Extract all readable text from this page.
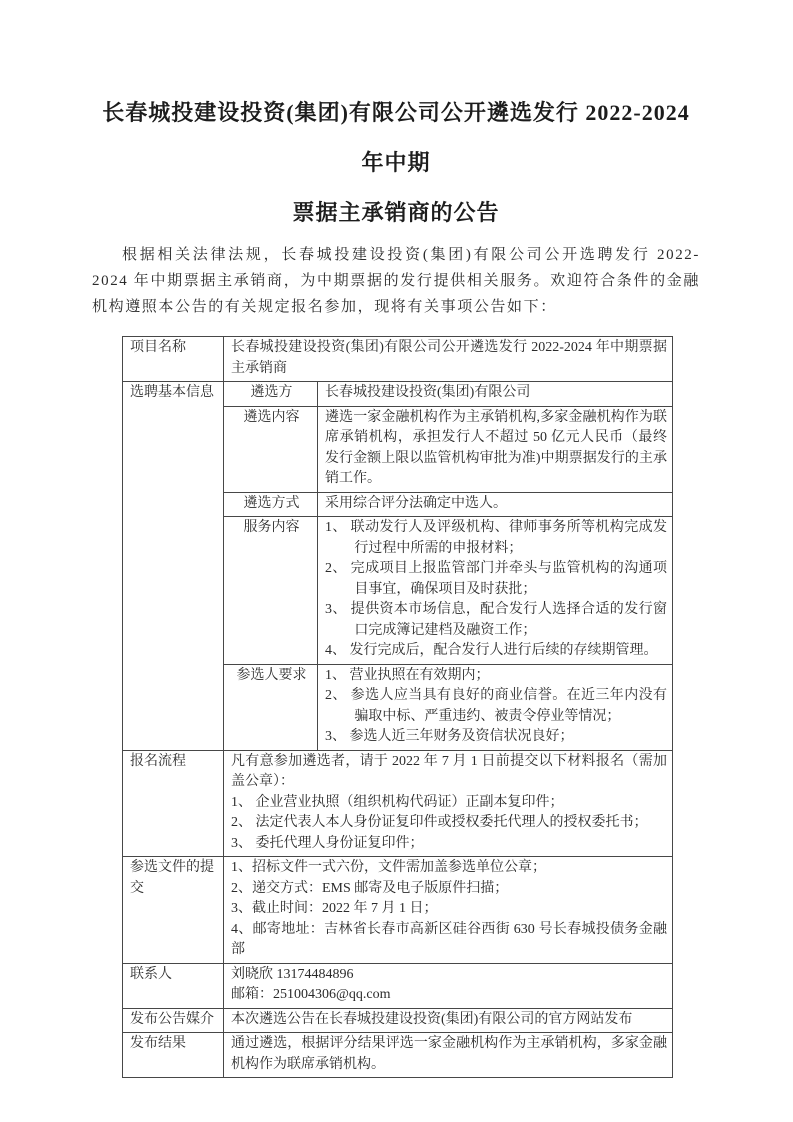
长春城投建设投资(集团)有限公司公开遴选发行 2022-2024 年中期
票据主承销商的公告

根据相关法律法规，长春城投建设投资(集团)有限公司公开选聘发行 2022-2024 年中期票据主承销商，为中期票据的发行提供相关服务。欢迎符合条件的金融机构遵照本公告的有关规定报名参加，现将有关事项公告如下：

项目名称	长春城投建设投资(集团)有限公司公开遴选发行 2022-2024 年中期票据主承销商	
选聘基本信息	遴选方	长春城投建设投资(集团)有限公司
	遴选内容	遴选一家金融机构作为主承销机构,多家金融机构作为联席承销机构，承担发行人不超过 50 亿元人民币（最终发行金额上限以监管机构审批为准)中期票据发行的主承销工作。
	遴选方式	采用综合评分法确定中选人。
	服务内容	1、 联动发行人及评级机构、律师事务所等机构完成发行过程中所需的申报材料；
2、 完成项目上报监管部门并牵头与监管机构的沟通项目事宜，确保项目及时获批；
3、 提供资本市场信息，配合发行人选择合适的发行窗口完成簿记建档及融资工作；
4、 发行完成后，配合发行人进行后续的存续期管理。

	参选人要求	1、 营业执照在有效期内；
2、 参选人应当具有良好的商业信誉。在近三年内没有骗取中标、严重违约、被责令停业等情况；
3、 参选人近三年财务及资信状况良好；

报名流程	凡有意参加遴选者，请于 2022 年 7 月 1 日前提交以下材料报名（需加盖公章）：
1、 企业营业执照（组织机构代码证）正副本复印件；
2、 法定代表人本人身份证复印件或授权委托代理人的授权委托书；
3、 委托代理人身份证复印件；	

参选文件的提交	1、招标文件一式六份，文件需加盖参选单位公章；
2、递交方式：EMS 邮寄及电子版原件扫描；
3、截止时间：2022 年 7 月 1 日；
4、邮寄地址：吉林省长春市高新区硅谷西街 630 号长春城投债务金融部	

联系人	刘晓欣 13174484896
邮箱：251004306@qq.com	

发布公告媒介	本次遴选公告在长春城投建设投资(集团)有限公司的官方网站发布	
发布结果	通过遴选，根据评分结果评选一家金融机构作为主承销机构，多家金融机构作为联席承销机构。	
